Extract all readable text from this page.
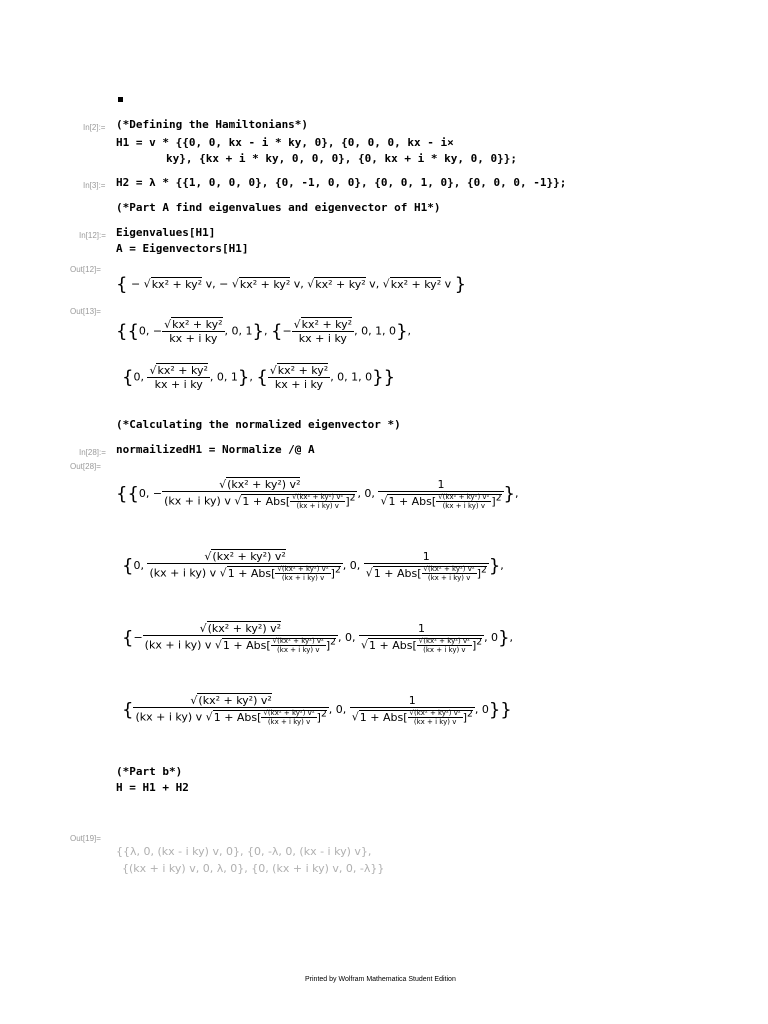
In[2]:= (*Defining the Hamiltonians*)
H1 = v * {{0, 0, kx - i * ky, 0}, {0, 0, 0, kx - i×
ky}, {kx + i * ky, 0, 0, 0}, {0, kx + i * ky, 0, 0}};
In[3]:= H2 = λ * {{1, 0, 0, 0}, {0, -1, 0, 0}, {0, 0, 1, 0}, {0, 0, 0, -1}};
(*Part A find eigenvalues and eigenvector of H1*)
In[12]:= Eigenvalues[H1]
A = Eigenvectors[H1]
Out[12]=
{ − √kx² + ky² v, − √kx² + ky² v, √kx² + ky² v, √kx² + ky² v }
Out[13]=
{{0, − $\frac{\text{√kx² + ky²}}{\text{kx + i ky}}$ , 0, 1}, {− $\frac{\text{√kx² + ky²}}{\text{kx + i ky}}$ , 0, 1, 0},
{0, $\frac{\text{√kx² + ky²}}{\text{kx + i ky}}$ , 0, 1}, { $\frac{\text{√kx² + ky²}}{\text{kx + i ky}}$ , 0, 1, 0}}
(*Calculating the normalized eigenvector *)
In[28]:= normailizedH1 = Normalize /@ A
Out[28]=
{{0, − $\frac{\text{√(kx² + ky²) v²}}{(kx + i ky) v √1 + Abs[ \frac{\text{√(kx² + ky²) v²}}{\text{(kx + i ky) v}} ]^2}$ , 0, $\frac{1}{√1 + Abs[ \frac{\text{√(kx² + ky²) v²}}{\text{(kx + i ky) v}} ]^2}$ },
{0, $\frac{\text{√(kx² + ky²) v²}}{(kx + i ky) v √1 + Abs[ \frac{\text{√(kx² + ky²) v²}}{\text{(kx + i ky) v}} ]^2}$ , 0, $\frac{1}{√1 + Abs[ \frac{\text{√(kx² + ky²) v²}}{\text{(kx + i ky) v}} ]^2}$ },
{− $\frac{\text{√(kx² + ky²) v²}}{(kx + i ky) v √1 + Abs[ \frac{\text{√(kx² + ky²) v²}}{\text{(kx + i ky) v}} ]^2}$ , 0, $\frac{1}{√1 + Abs[ \frac{\text{√(kx² + ky²) v²}}{\text{(kx + i ky) v}} ]^2}$ , 0},
{ $\frac{\text{√(kx² + ky²) v²}}{(kx + i ky) v √1 + Abs[ \frac{\text{√(kx² + ky²) v²}}{\text{(kx + i ky) v}} ]^2}$ , 0, $\frac{1}{√1 + Abs[ \frac{\text{√(kx² + ky²) v²}}{\text{(kx + i ky) v}} ]^2}$ , 0}}
(*Part b*)
H = H1 + H2
Out[19]=
{{λ, 0, (kx - i ky) v, 0}, {0, -λ, 0, (kx - i ky) v},
{(kx + i ky) v, 0, λ, 0}, {0, (kx + i ky) v, 0, -λ}}
Printed by Wolfram Mathematica Student Edition
